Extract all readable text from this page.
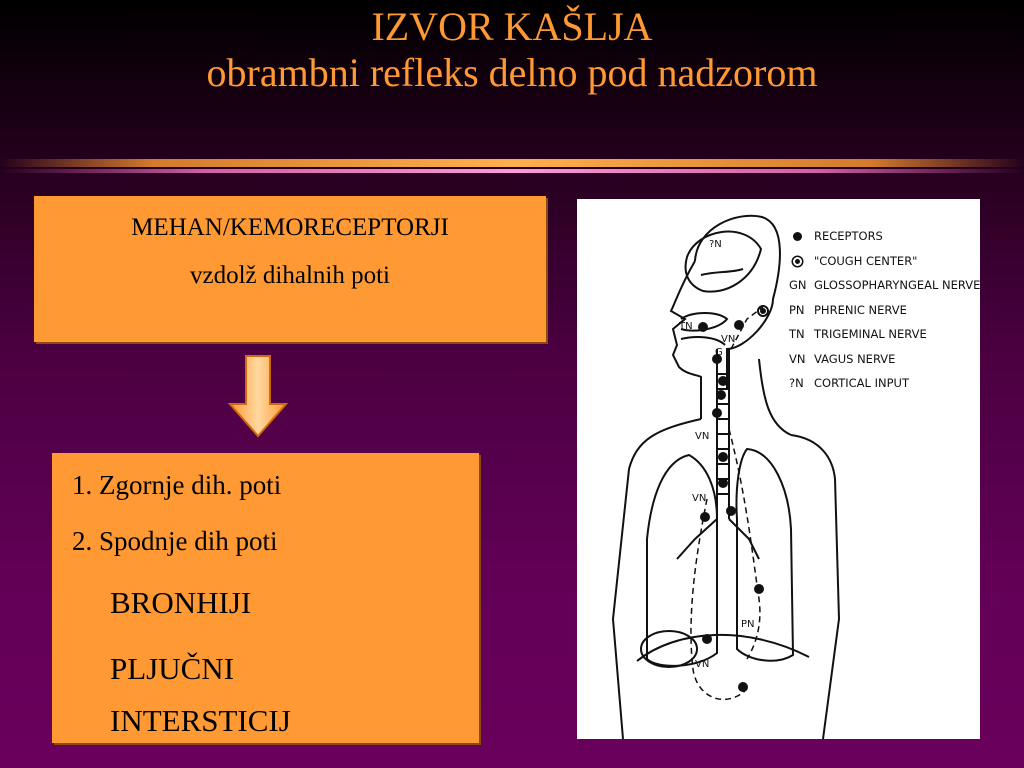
IZVOR KAŠLJA
obrambni refleks delno pod nadzorom
MEHAN/KEMORECEPTORJI
vzdolž dihalnih poti
1. Zgornje dih. poti
2. Spodnje dih poti
BRONHIJI
PLJUČNI
INTERSTICIJ
?N
TN
VN
G
VN
VN
PN
VN
RECEPTORS
"COUGH CENTER"
GN GLOSSOPHARYNGEAL NERVE
PN PHRENIC NERVE
TN TRIGEMINAL NERVE
VN VAGUS NERVE
?N CORTICAL INPUT
